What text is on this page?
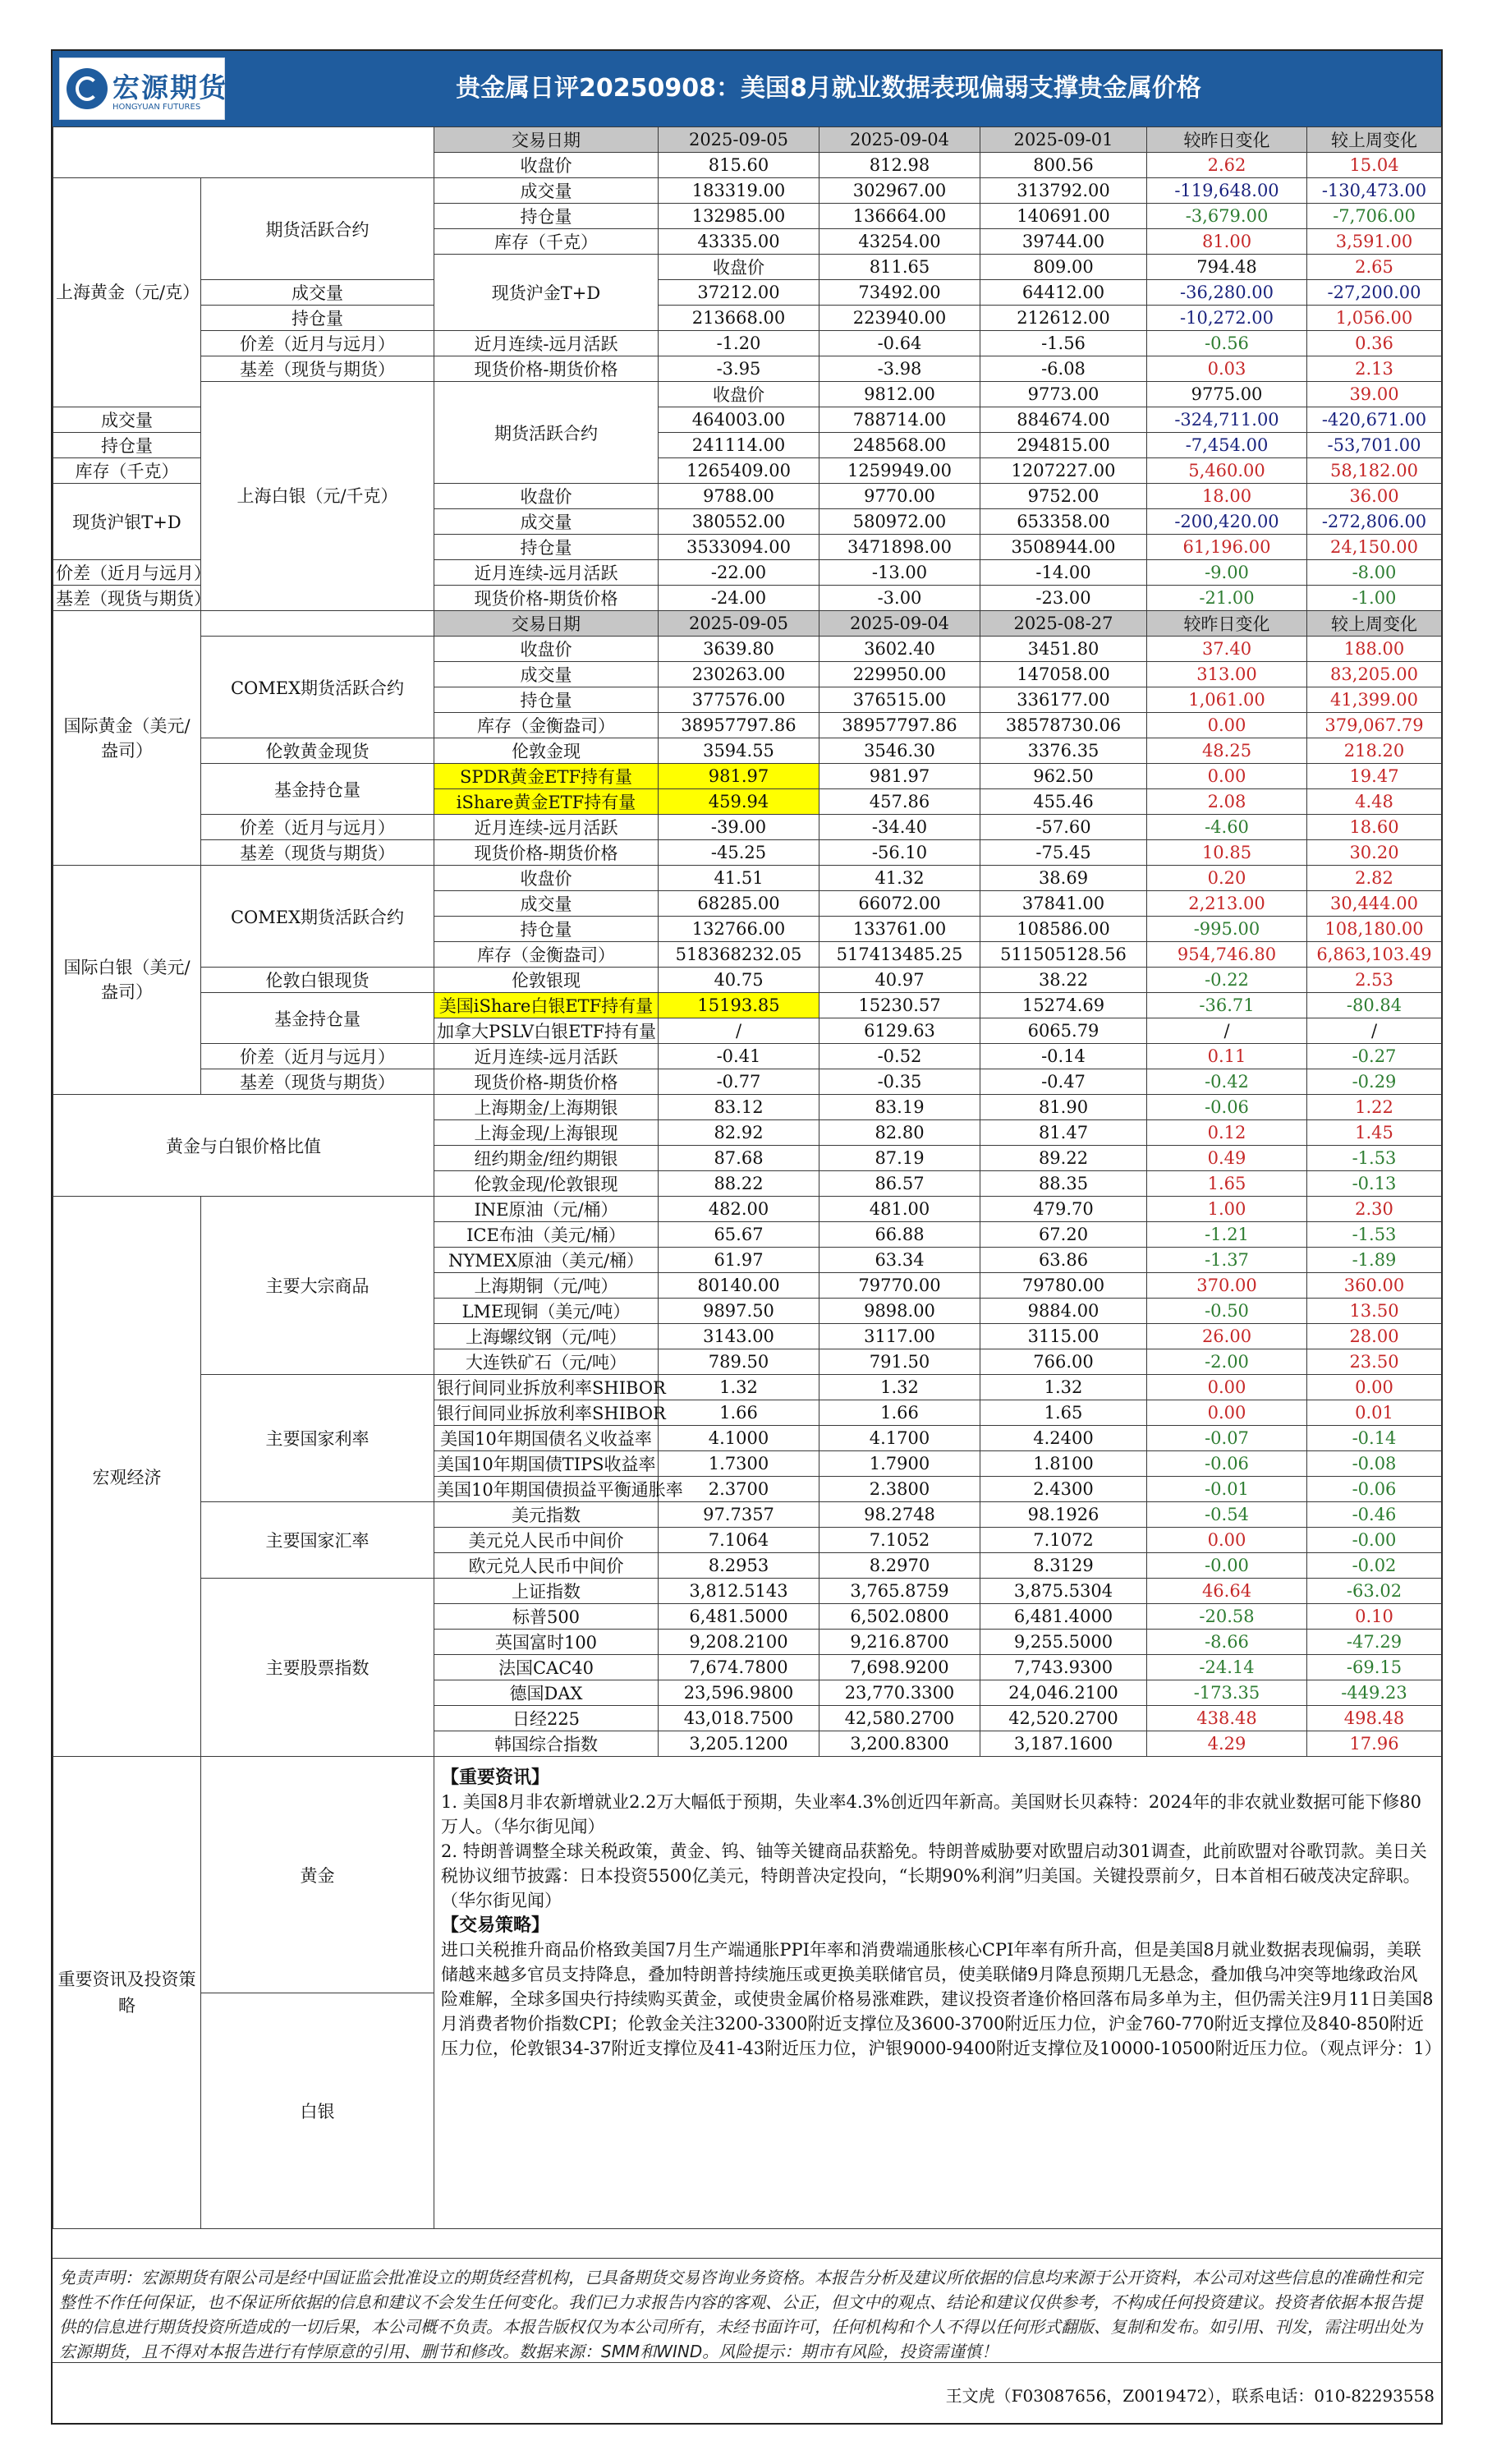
宏源期货
HONGYUAN FUTURES
贵金属日评20250908：美国8月就业数据表现偏弱支撑贵金属价格
		交易日期	2025-09-05	2025-09-04	2025-09-01	较昨日变化	较上周变化	
		收盘价	815.60	812.98	800.56	2.62	15.04	
上海黄金（元/克）	期货活跃合约	成交量	183319.00	302967.00	313792.00	-119,648.00	-130,473.00	
		持仓量	132985.00	136664.00	140691.00	-3,679.00	-7,706.00	
		库存（千克）	43335.00	43254.00	39744.00	81.00	3,591.00	
		现货沪金T+D	收盘价	811.65	809.00	794.48	2.65	
	成交量		37212.00	73492.00	64412.00	-36,280.00	-27,200.00	
	持仓量		213668.00	223940.00	212612.00	-10,272.00	1,056.00	
	价差（近月与远月）	近月连续-远月活跃	-1.20	-0.64	-1.56	-0.56	0.36	
	基差（现货与期货）	现货价格-期货价格	-3.95	-3.98	-6.08	0.03	2.13	
	上海白银（元/千克）	期货活跃合约	收盘价	9812.00	9773.00	9775.00	39.00	
成交量			464003.00	788714.00	884674.00	-324,711.00	-420,671.00	
持仓量			241114.00	248568.00	294815.00	-7,454.00	-53,701.00	
库存（千克）			1265409.00	1259949.00	1207227.00	5,460.00	58,182.00	
现货沪银T+D		收盘价	9788.00	9770.00	9752.00	18.00	36.00	
		成交量	380552.00	580972.00	653358.00	-200,420.00	-272,806.00	
		持仓量	3533094.00	3471898.00	3508944.00	61,196.00	24,150.00	
价差（近月与远月）		近月连续-远月活跃	-22.00	-13.00	-14.00	-9.00	-8.00	
基差（现货与期货）		现货价格-期货价格	-24.00	-3.00	-23.00	-21.00	-1.00	
国际黄金（美元/盎司）		交易日期	2025-09-05	2025-09-04	2025-08-27	较昨日变化	较上周变化	
	COMEX期货活跃合约	收盘价	3639.80	3602.40	3451.80	37.40	188.00	
		成交量	230263.00	229950.00	147058.00	313.00	83,205.00	
		持仓量	377576.00	376515.00	336177.00	1,061.00	41,399.00	
		库存（金衡盎司）	38957797.86	38957797.86	38578730.06	0.00	379,067.79	
	伦敦黄金现货	伦敦金现	3594.55	3546.30	3376.35	48.25	218.20	
	基金持仓量	SPDR黄金ETF持有量	981.97	981.97	962.50	0.00	19.47	
		iShare黄金ETF持有量	459.94	457.86	455.46	2.08	4.48	
	价差（近月与远月）	近月连续-远月活跃	-39.00	-34.40	-57.60	-4.60	18.60	
	基差（现货与期货）	现货价格-期货价格	-45.25	-56.10	-75.45	10.85	30.20	
国际白银（美元/盎司）	COMEX期货活跃合约	收盘价	41.51	41.32	38.69	0.20	2.82	
		成交量	68285.00	66072.00	37841.00	2,213.00	30,444.00	
		持仓量	132766.00	133761.00	108586.00	-995.00	108,180.00	
		库存（金衡盎司）	518368232.05	517413485.25	511505128.56	954,746.80	6,863,103.49	
	伦敦白银现货	伦敦银现	40.75	40.97	38.22	-0.22	2.53	
	基金持仓量	美国iShare白银ETF持有量	15193.85	15230.57	15274.69	-36.71	-80.84	
		加拿大PSLV白银ETF持有量	/	6129.63	6065.79	/	/	
	价差（近月与远月）	近月连续-远月活跃	-0.41	-0.52	-0.14	0.11	-0.27	
	基差（现货与期货）	现货价格-期货价格	-0.77	-0.35	-0.47	-0.42	-0.29	
黄金与白银价格比值		上海期金/上海期银	83.12	83.19	81.90	-0.06	1.22	
		上海金现/上海银现	82.92	82.80	81.47	0.12	1.45	
		纽约期金/纽约期银	87.68	87.19	89.22	0.49	-1.53	
		伦敦金现/伦敦银现	88.22	86.57	88.35	1.65	-0.13	
宏观经济	主要大宗商品	INE原油（元/桶）	482.00	481.00	479.70	1.00	2.30	
		ICE布油（美元/桶）	65.67	66.88	67.20	-1.21	-1.53	
		NYMEX原油（美元/桶）	61.97	63.34	63.86	-1.37	-1.89	
		上海期铜（元/吨）	80140.00	79770.00	79780.00	370.00	360.00	
		LME现铜（美元/吨）	9897.50	9898.00	9884.00	-0.50	13.50	
		上海螺纹钢（元/吨）	3143.00	3117.00	3115.00	26.00	28.00	
		大连铁矿石（元/吨）	789.50	791.50	766.00	-2.00	23.50	
	主要国家利率	银行间同业拆放利率SHIBOR	1.32	1.32	1.32	0.00	0.00	
		银行间同业拆放利率SHIBOR	1.66	1.66	1.65	0.00	0.01	
		美国10年期国债名义收益率	4.1000	4.1700	4.2400	-0.07	-0.14	
		美国10年期国债TIPS收益率	1.7300	1.7900	1.8100	-0.06	-0.08	
		美国10年期国债损益平衡通胀率	2.3700	2.3800	2.4300	-0.01	-0.06	
	主要国家汇率	美元指数	97.7357	98.2748	98.1926	-0.54	-0.46	
		美元兑人民币中间价	7.1064	7.1052	7.1072	0.00	-0.00	
		欧元兑人民币中间价	8.2953	8.2970	8.3129	-0.00	-0.02	
	主要股票指数	上证指数	3,812.5143	3,765.8759	3,875.5304	46.64	-63.02	
		标普500	6,481.5000	6,502.0800	6,481.4000	-20.58	0.10	
		英国富时100	9,208.2100	9,216.8700	9,255.5000	-8.66	-47.29	
		法国CAC40	7,674.7800	7,698.9200	7,743.9300	-24.14	-69.15	
		德国DAX	23,596.9800	23,770.3300	24,046.2100	-173.35	-449.23	
		日经225	43,018.7500	42,580.2700	42,520.2700	438.48	498.48	
		韩国综合指数	3,205.1200	3,200.8300	3,187.1600	4.29	17.96	
重要资讯及投资策略	黄金	【重要资讯】
1. 美国8月非农新增就业2.2万大幅低于预期，失业率4.3%创近四年新高。美国财长贝森特：2024年的非农就业数据可能下修80万人。（华尔街见闻）
2. 特朗普调整全球关税政策，黄金、钨、铀等关键商品获豁免。特朗普威胁要对欧盟启动301调查，此前欧盟对谷歌罚款。美日关税协议细节披露：日本投资5500亿美元，特朗普决定投向，“长期90%利润”归美国。关键投票前夕，日本首相石破茂决定辞职。（华尔街见闻）
【交易策略】
进口关税推升商品价格致美国7月生产端通胀PPI年率和消费端通胀核心CPI年率有所升高，但是美国8月就业数据表现偏弱，美联储越来越多官员支持降息，叠加特朗普持续施压或更换美联储官员，使美联储9月降息预期几无悬念，叠加俄乌冲突等地缘政治风险难解，全球多国央行持续购买黄金，或使贵金属价格易涨难跌，建议投资者逢价格回落布局多单为主，但仍需关注9月11日美国8月消费者物价指数CPI；伦敦金关注3200-3300附近支撑位及3600-3700附近压力位，沪金760-770附近支撑位及840-850附近压力位，伦敦银34-37附近支撑位及41-43附近压力位，沪银9000-9400附近支撑位及10000-10500附近压力位。（观点评分：1）						

	白银							
免责声明：宏源期货有限公司是经中国证监会批准设立的期货经营机构，已具备期货交易咨询业务资格。本报告分析及建议所依据的信息均来源于公开资料，本公司对这些信息的准确性和完整性不作任何保证，也不保证所依据的信息和建议不会发生任何变化。我们已力求报告内容的客观、公正，但文中的观点、结论和建议仅供参考，不构成任何投资建议。投资者依据本报告提供的信息进行期货投资所造成的一切后果，本公司概不负责。本报告版权仅为本公司所有，未经书面许可，任何机构和个人不得以任何形式翻版、复制和发布。如引用、刊发，需注明出处为宏源期货，且不得对本报告进行有悖原意的引用、删节和修改。数据来源：SMM和WIND。风险提示：期市有风险，投资需谨慎！
王文虎（F03087656，Z0019472），联系电话：010-82293558
